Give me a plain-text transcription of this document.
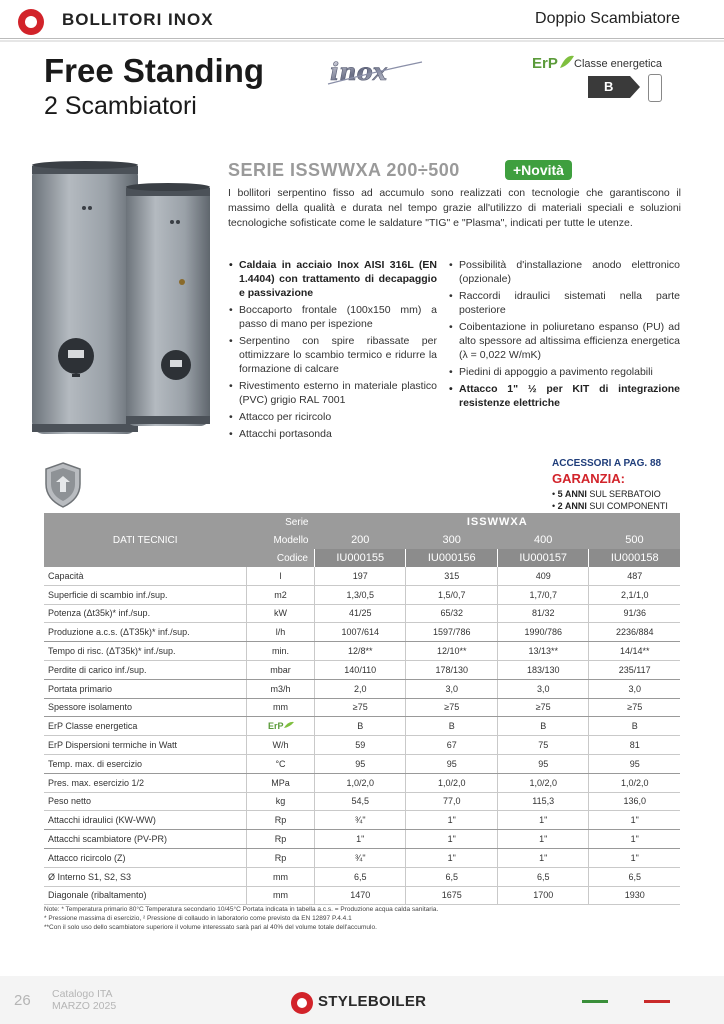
BOLLITORI INOX	Doppio Scambiatore
Free Standing
2 Scambiatori
inox	ErP Classe energetica
B
SERIE ISSWWXA 200÷500	+Novità
I bollitori serpentino fisso ad accumulo sono realizzati con tecnologie che garantiscono il massimo della qualità e durata nel tempo grazie all'utilizzo di materiali speciali e soluzioni tecnologiche sofisticate come le saldature "TIG" e "Plasma", indicati per tutte le utenze.
• Caldaia in acciaio Inox AISI 316L (EN 1.4404) con trattamento di decapaggio e passivazione
• Boccaporto frontale (100x150 mm) a passo di mano per ispezione
• Serpentino con spire ribassate per ottimizzare lo scambio termico e ridurre la formazione di calcare
• Rivestimento esterno in materiale plastico (PVC) grigio RAL 7001
• Attacco per ricircolo
• Attacchi portasonda
• Possibilità d'installazione anodo elettronico (opzionale)
• Raccordi idraulici sistemati nella parte posteriore
• Coibentazione in poliuretano espanso (PU) ad alto spessore ad altissima efficienza energetica (λ = 0,022 W/mK)
• Piedini di appoggio a pavimento regolabili
• Attacco 1" ½ per KIT di integrazione resistenze elettriche
ACCESSORI A PAG. 88
GARANZIA:
• 5 ANNI SUL SERBATOIO
• 2 ANNI SUI COMPONENTI
DATI TECNICI	Serie	ISSWWXA			
	Modello	200	300	400	500
	Codice	IU000155	IU000156	IU000157	IU000158
Capacità	l	197	315	409	487
Superficie di scambio inf./sup.	m2	1,3/0,5	1,5/0,7	1,7/0,7	2,1/1,0
Potenza (Δt35k)* inf./sup.	kW	41/25	65/32	81/32	91/36
Produzione a.c.s. (ΔT35k)* inf./sup.	l/h	1007/614	1597/786	1990/786	2236/884
Tempo di risc. (ΔT35k)* inf./sup.	min.	12/8**	12/10**	13/13**	14/14**
Perdite di carico inf./sup.	mbar	140/110	178/130	183/130	235/117
Portata primario	m3/h	2,0	3,0	3,0	3,0
Spessore isolamento	mm	≥75	≥75	≥75	≥75
ErP Classe energetica	ErP	B	B	B	B
ErP Dispersioni termiche in Watt	W/h	59	67	75	81
Temp. max. di esercizio	°C	95	95	95	95
Pres. max. esercizio 1/2	MPa	1,0/2,0	1,0/2,0	1,0/2,0	1,0/2,0
Peso netto	kg	54,5	77,0	115,3	136,0
Attacchi idraulici (KW-WW)	Rp	¾"	1"	1"	1"
Attacchi scambiatore (PV-PR)	Rp	1"	1"	1"	1"
Attacco ricircolo (Z)	Rp	¾"	1"	1"	1"
Ø Interno S1, S2, S3	mm	6,5	6,5	6,5	6,5
Diagonale (ribaltamento)	mm	1470	1675	1700	1930
Note: * Temperatura primario 80°C Temperatura secondario 10/45°C Portata indicata in tabella a.c.s. = Produzione acqua calda sanitaria.
* Pressione massima di esercizio, ² Pressione di collaudo in laboratorio come previsto da EN 12897 P.4.4.1
**Con il solo uso dello scambiatore superiore il volume interessato sarà pari al 40% del volume totale dell'accumulo.
26 Catalogo ITA
MARZO 2025	STYLEBOILER
